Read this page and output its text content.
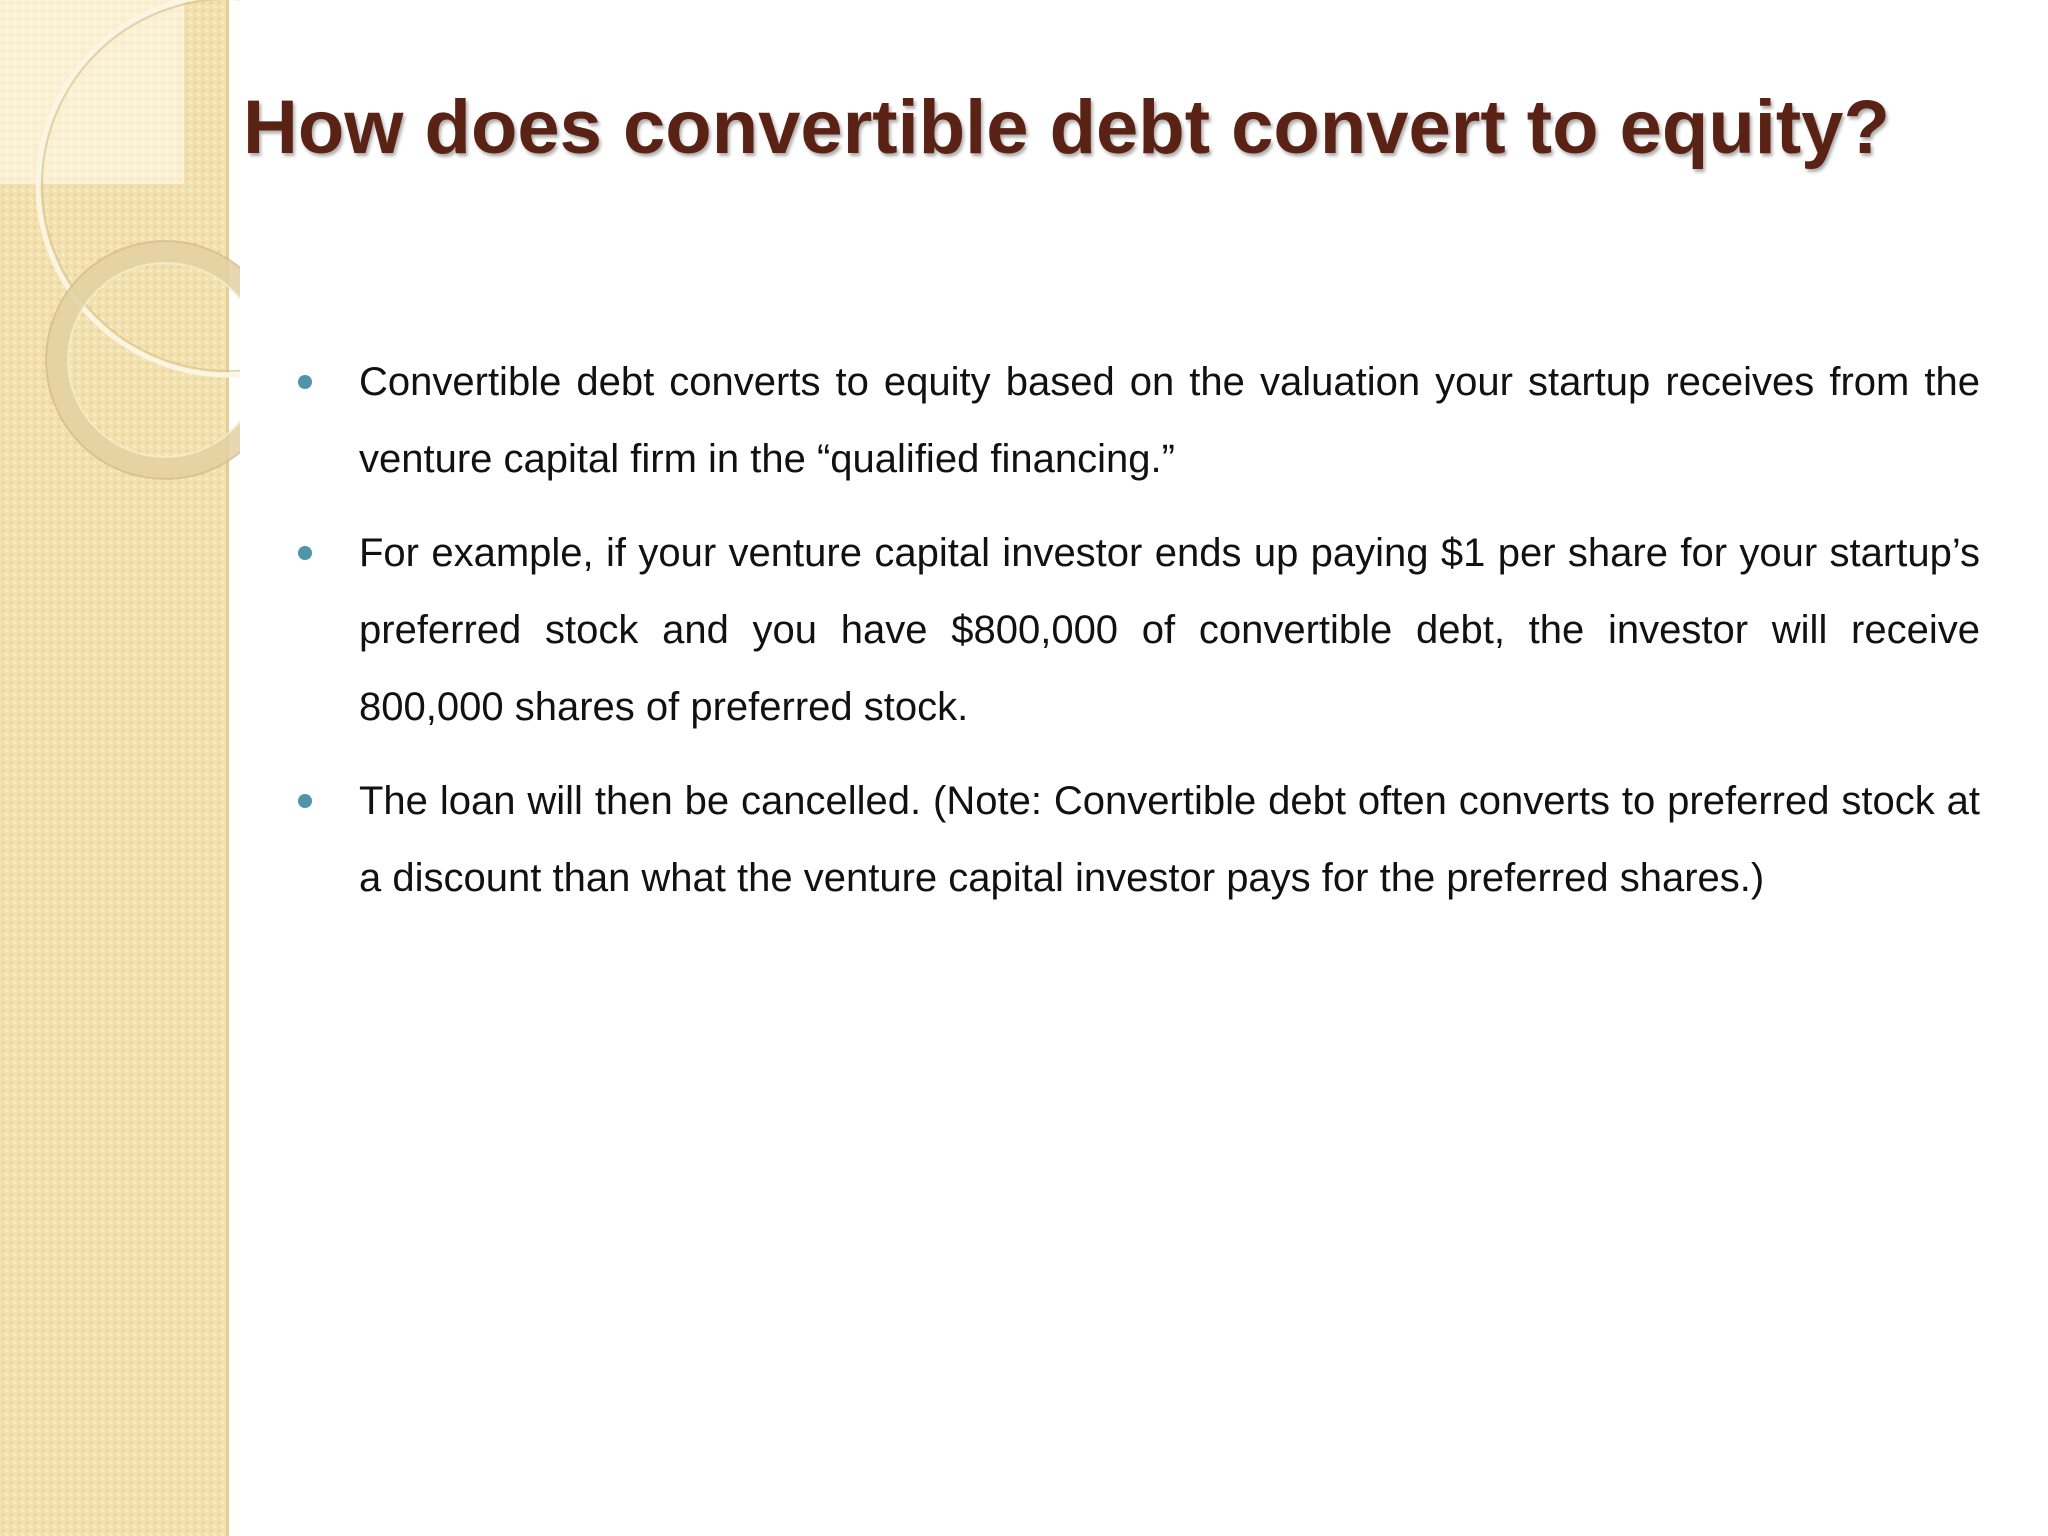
How does convertible debt convert to equity?
Convertible debt converts to equity based on the valuation your startup receives from the venture capital firm in the “qualified financing.”
For example, if your venture capital investor ends up paying $1 per share for your startup’s preferred stock and you have $800,000 of convertible debt, the investor will receive 800,000 shares of preferred stock.
The loan will then be cancelled. (Note: Convertible debt often converts to preferred stock at a discount than what the venture capital investor pays for the preferred shares.)
